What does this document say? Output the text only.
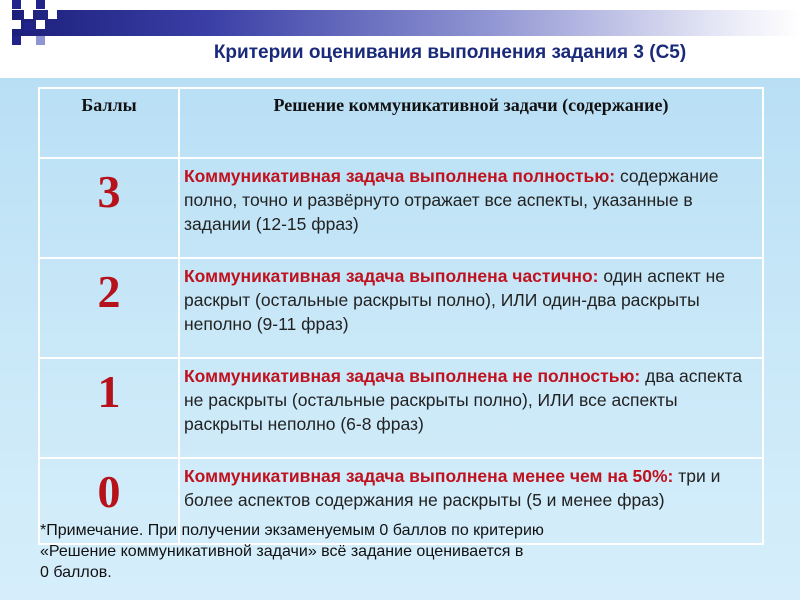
Критерии оценивания выполнения задания 3 (С5)
Баллы	Решение коммуникативной задачи (содержание)
3	Коммуникативная задача выполнена полностью: содержание полно, точно и развёрнуто отражает все аспекты, указанные в задании (12-15 фраз)
2	Коммуникативная задача выполнена частично: один аспект не раскрыт (остальные раскрыты полно), ИЛИ один-два раскрыты неполно (9-11 фраз)
1	Коммуникативная задача выполнена не полностью: два аспекта не раскрыты (остальные раскрыты полно), ИЛИ все аспекты раскрыты неполно (6-8 фраз)
0	Коммуникативная задача выполнена менее чем на 50%: три и более аспектов содержания не раскрыты (5 и менее фраз)
*Примечание. При получении экзаменуемым 0 баллов по критерию
«Решение коммуникативной задачи» всё задание оценивается в
0 баллов.
